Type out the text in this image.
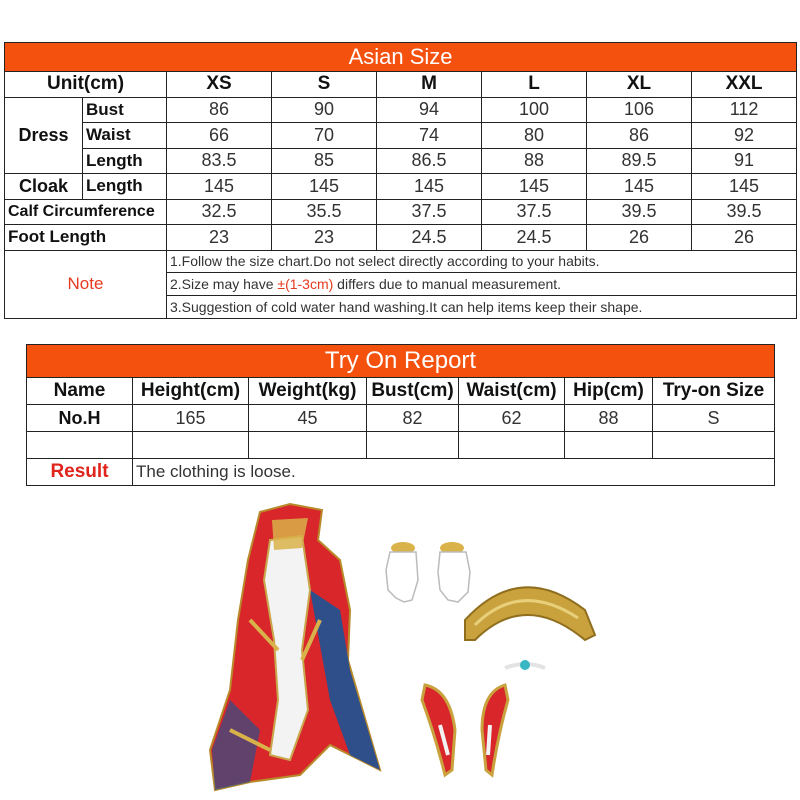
Asian Size							
Unit(cm)		XS	S	M	L	XL	XXL
Dress	Bust	86	90	94	100	106	112
	Waist	66	70	74	80	86	92
	Length	83.5	85	86.5	88	89.5	91
Cloak	Length	145	145	145	145	145	145
Calf Circumference		32.5	35.5	37.5	37.5	39.5	39.5
Foot Length		23	23	24.5	24.5	26	26
Note		1.Follow the size chart.Do not select directly according to your habits.					
		2.Size may have ±(1-3cm) differs due to manual measurement.					
		3.Suggestion of cold water hand washing.It can help items keep their shape.					
Try On Report						
Name	Height(cm)	Weight(kg)	Bust(cm)	Waist(cm)	Hip(cm)	Try-on Size
No.H	165	45	82	62	88	S

Result	The clothing is loose.					
